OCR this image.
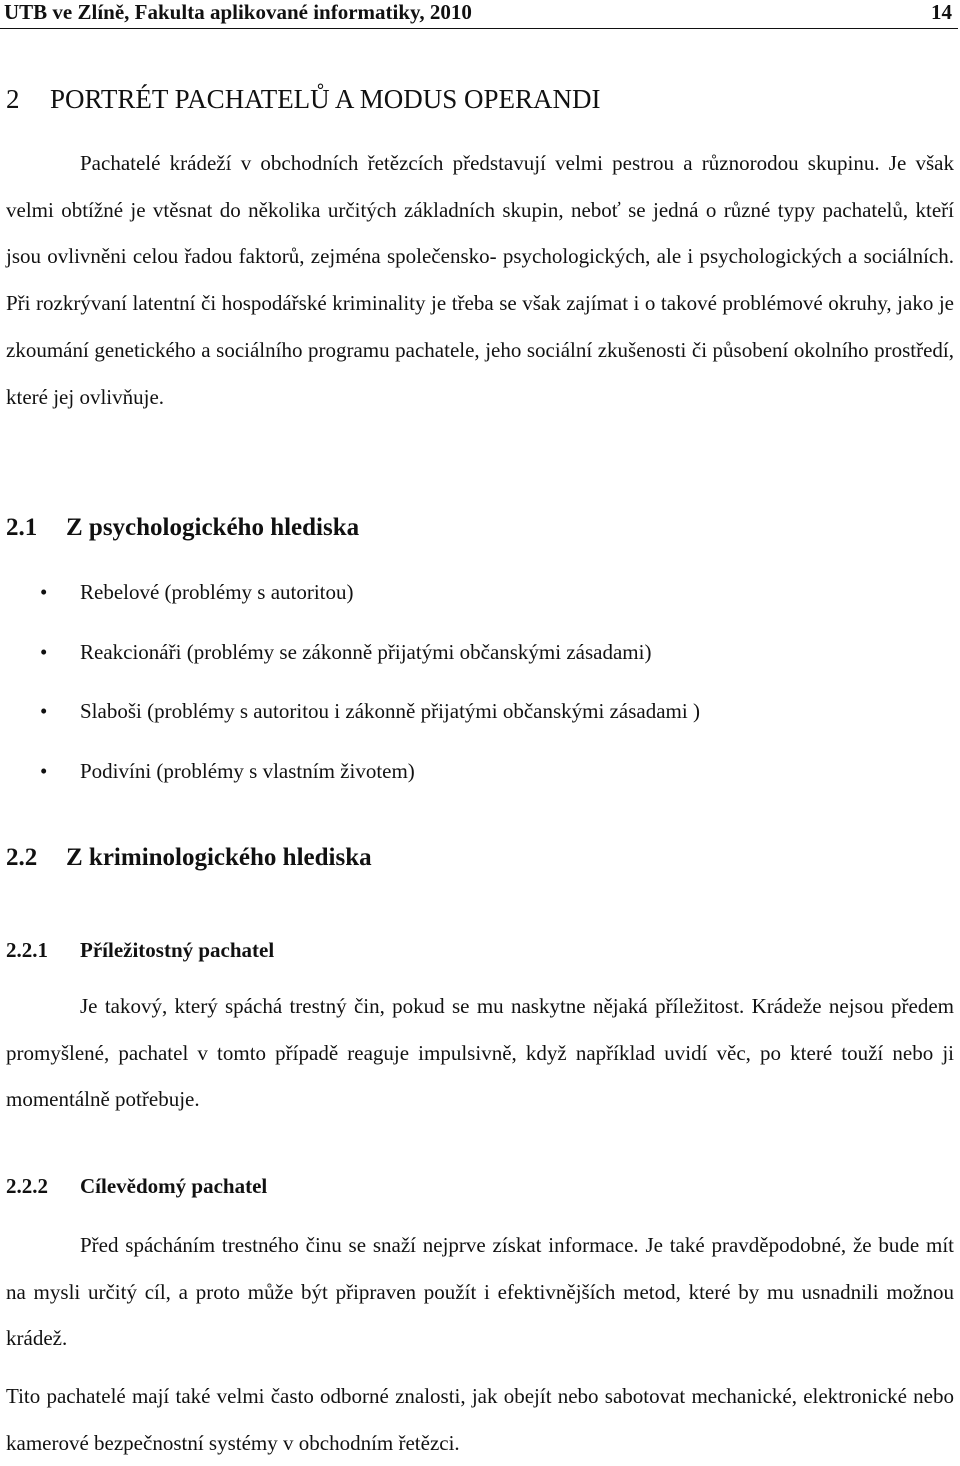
UTB ve Zlíně, Fakulta aplikované informatiky, 2010	14
2 PORTRÉT PACHATELŮ A MODUS OPERANDI

Pachatelé krádeží v obchodních řetězcích představují velmi pestrou a různorodou skupinu. Je však velmi obtížné je vtěsnat do několika určitých základních skupin, neboť se jedná o různé typy pachatelů, kteří jsou ovlivněni celou řadou faktorů, zejména společensko- psychologických, ale i psychologických a sociálních. Při rozkrývaní latentní či hospodářské kriminality je třeba se však zajímat i o takové problémové okruhy, jako je zkoumání genetického a sociálního programu pachatele, jeho sociální zkušenosti či působení okolního prostředí, které jej ovlivňuje.

2.1 Z psychologického hlediska
• Rebelové (problémy s autoritou)
• Reakcionáři (problémy se zákonně přijatými občanskými zásadami)
• Slaboši (problémy s autoritou i zákonně přijatými občanskými zásadami )
• Podivíni (problémy s vlastním životem)
2.2 Z kriminologického hlediska
2.2.1 Příležitostný pachatel

Je takový, který spáchá trestný čin, pokud se mu naskytne nějaká příležitost. Krádeže nejsou předem promyšlené, pachatel v tomto případě reaguje impulsivně, když například uvidí věc, po které touží nebo ji momentálně potřebuje.

2.2.2 Cílevědomý pachatel

Před spácháním trestného činu se snaží nejprve získat informace. Je také pravděpodobné, že bude mít na mysli určitý cíl, a proto může být připraven použít i efektivnějších metod, které by mu usnadnili možnou krádež.

Tito pachatelé mají také velmi často odborné znalosti, jak obejít nebo sabotovat mechanické, elektronické nebo kamerové bezpečnostní systémy v obchodním řetězci.
